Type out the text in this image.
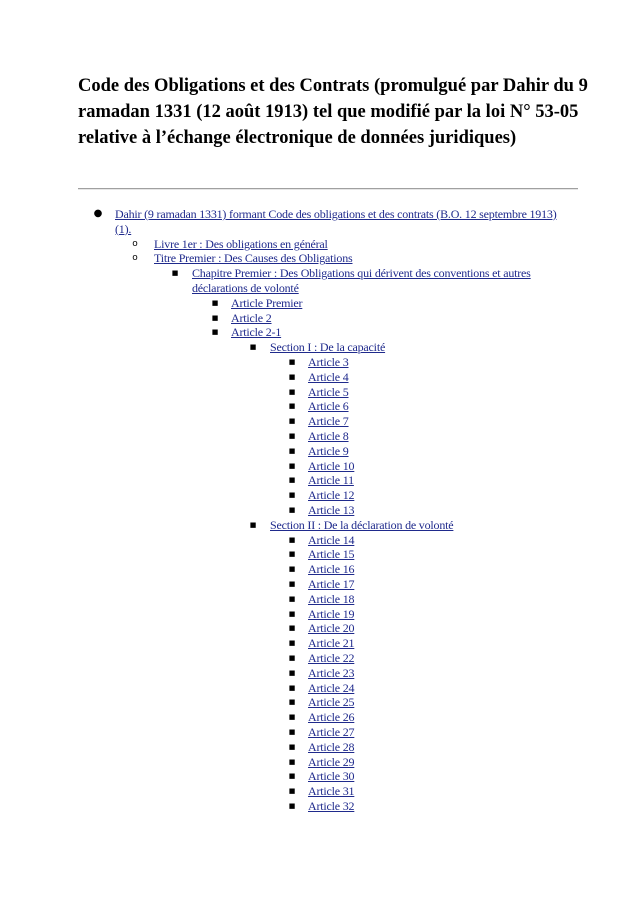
Code des Obligations et des Contrats (promulgué par Dahir du 9 ramadan 1331 (12 août 1913) tel que modifié par la loi N° 53-05 relative à l’échange électronique de données juridiques)
● Dahir (9 ramadan 1331) formant Code des obligations et des contrats (B.O. 12 septembre 1913) (1).
o Livre 1er : Des obligations en général
o Titre Premier : Des Causes des Obligations
■ Chapitre Premier : Des Obligations qui dérivent des conventions et autres déclarations de volonté
■ Article Premier
■ Article 2
■ Article 2-1
■ Section I : De la capacité
■ Article 3
■ Article 4
■ Article 5
■ Article 6
■ Article 7
■ Article 8
■ Article 9
■ Article 10
■ Article 11
■ Article 12
■ Article 13
■ Section II : De la déclaration de volonté
■ Article 14
■ Article 15
■ Article 16
■ Article 17
■ Article 18
■ Article 19
■ Article 20
■ Article 21
■ Article 22
■ Article 23
■ Article 24
■ Article 25
■ Article 26
■ Article 27
■ Article 28
■ Article 29
■ Article 30
■ Article 31
■ Article 32
